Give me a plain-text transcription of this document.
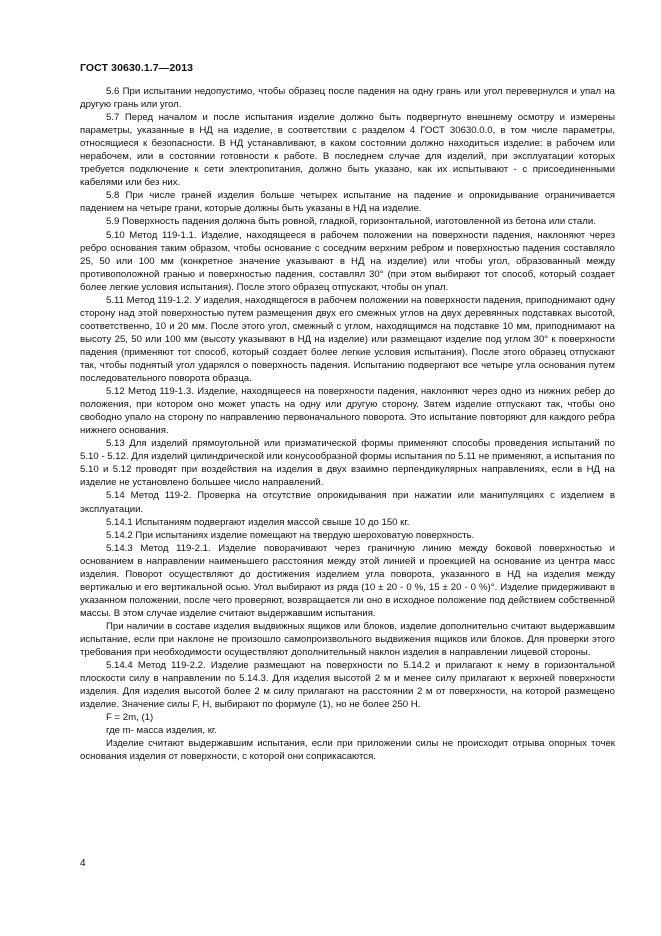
ГОСТ 30630.1.7—2013

5.6 При испытании недопустимо, чтобы образец после падения на одну грань или угол перевернулся и упал на другую грань или угол.

5.7 Перед началом и после испытания изделие должно быть подвергнуто внешнему осмотру и измерены параметры, указанные в НД на изделие, в соответствии с разделом 4 ГОСТ 30630.0.0, в том числе параметры, относящиеся к безопасности. В НД устанавливают, в каком состоянии должно находиться изделие: в рабочем или нерабочем, или в состоянии готовности к работе. В последнем случае для изделий, при эксплуатации которых требуется подключение к сети электропитания, должно быть указано, как их испытывают - с присоединенными кабелями или без них.

5.8 При числе граней изделия больше четырех испытание на падение и опрокидывание ограничивается падением на четыре грани, которые должны быть указаны в НД на изделие.

5.9 Поверхность падения должна быть ровной, гладкой, горизонтальной, изготовленной из бетона или стали.

5.10 Метод 119-1.1. Изделие, находящееся в рабочем положении на поверхности падения, наклоняют через ребро основания таким образом, чтобы основание с соседним верхним ребром и поверхностью падения составляло 25, 50 или 100 мм (конкретное значение указывают в НД на изделие) или чтобы угол, образованный между противоположной гранью и поверхностью падения, составлял 30° (при этом выбирают тот способ, который создает более легкие условия испытания). После этого образец отпускают, чтобы он упал.

5.11 Метод 119-1.2. У изделия, находящегося в рабочем положении на поверхности падения, приподнимают одну сторону над этой поверхностью путем размещения двух его смежных углов на двух деревянных подставках высотой, соответственно, 10 и 20 мм. После этого угол, смежный с углом, находящимся на подставке 10 мм, приподнимают на высоту 25, 50 или 100 мм (высоту указывают в НД на изделие) или размещают изделие под углом 30° к поверхности падения (применяют тот способ, который создает более легкие условия испытания). После этого образец отпускают так, чтобы поднятый угол ударялся о поверхность падения. Испытанию подвергают все четыре угла основания путем последовательного поворота образца.

5.12 Метод 119-1.3. Изделие, находящееся на поверхности падения, наклоняют через одно из нижних ребер до положения, при котором оно может упасть на одну или другую сторону. Затем изделие отпускают так, чтобы оно свободно упало на сторону по направлению первоначального поворота. Это испытание повторяют для каждого ребра нижнего основания.

5.13 Для изделий прямоугольной или призматической формы применяют способы проведения испытаний по 5.10 - 5.12. Для изделий цилиндрической или конусообразной формы испытания по 5.11 не применяют, а испытания по 5.10 и 5.12 проводят при воздействия на изделия в двух взаимно перпендикулярных направлениях, если в НД на изделие не установлено большее число направлений.

5.14 Метод 119-2. Проверка на отсутствие опрокидывания при нажатии или манипуляциях с изделием в эксплуатации.

5.14.1 Испытаниям подвергают изделия массой свыше 10 до 150 кг.

5.14.2 При испытаниях изделие помещают на твердую шероховатую поверхность.

5.14.3 Метод 119-2.1. Изделие поворачивают через граничную линию между боковой поверхностью и основанием в направлении наименьшего расстояния между этой линией и проекцией на основание из центра масс изделия. Поворот осуществляют до достижения изделием угла поворота, указанного в НД на изделия между вертикалью и его вертикальной осью. Угол выбирают из ряда (10 ± 20 - 0 %, 15 ± 20 - 0 %)°. Изделие придерживают в указанном положении, после чего проверяют, возвращается ли оно в исходное положение под действием собственной массы. В этом случае изделие считают выдержавшим испытания.

При наличии в составе изделия выдвижных ящиков или блоков, изделие дополнительно считают выдержавшим испытание, если при наклоне не произошло самопроизвольного выдвижения ящиков или блоков. Для проверки этого требования при необходимости осуществляют дополнительный наклон изделия в направлении лицевой стороны.

5.14.4 Метод 119-2.2. Изделие размещают на поверхности по 5.14.2 и прилагают к нему в горизонтальной плоскости силу в направлении по 5.14.3. Для изделия высотой 2 м и менее силу прилагают к верхней поверхности изделия. Для изделия высотой более 2 м силу прилагают на расстоянии 2 м от поверхности, на которой размещено изделие. Значение силы F, Н, выбирают по формуле (1), но не более 250 Н.

F = 2m, (1)

где m- масса изделия, кг.

Изделие считают выдержавшим испытания, если при приложении силы не происходит отрыва опорных точек основания изделия от поверхности, с которой они соприкасаются.

4
